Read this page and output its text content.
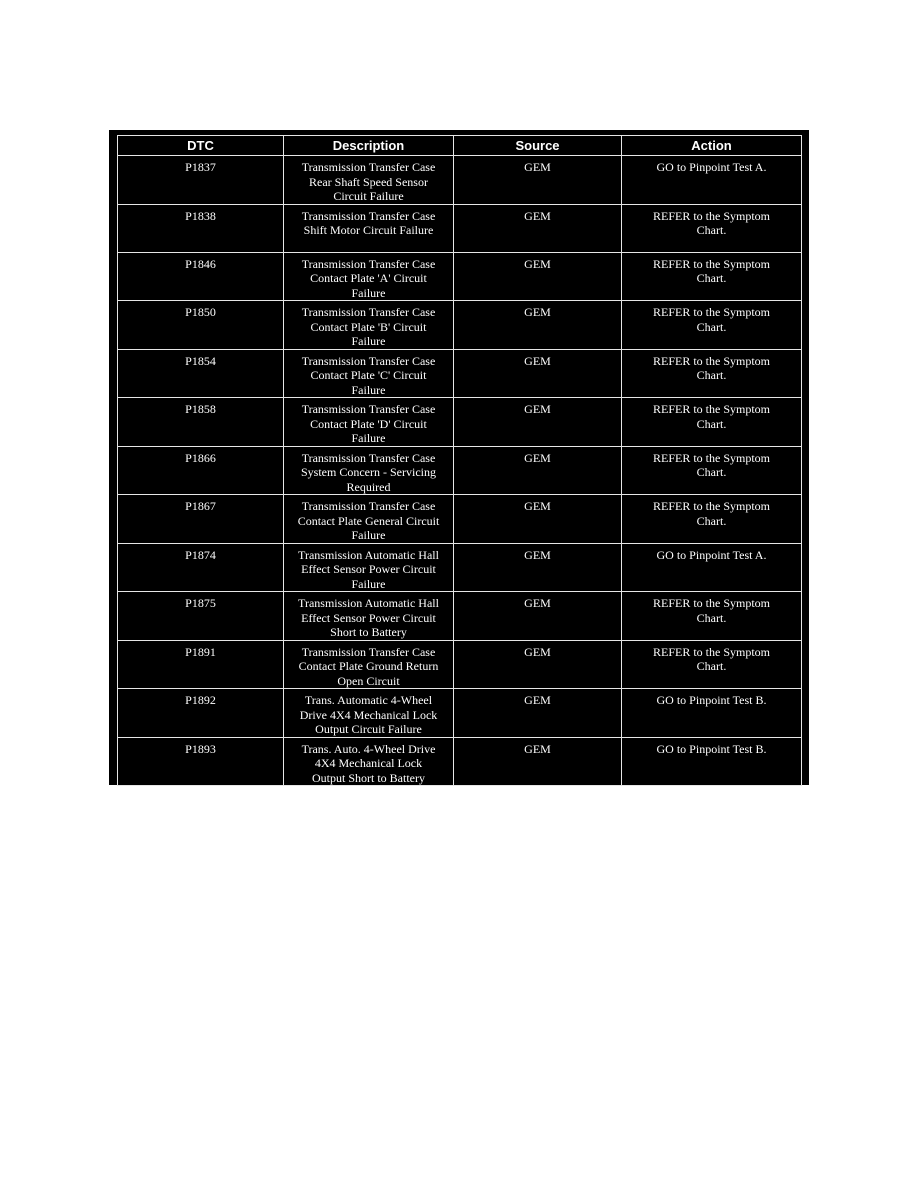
DTC	Description	Source	Action

P1837	Transmission Transfer Case
Rear Shaft Speed Sensor
Circuit Failure	GEM	GO to Pinpoint Test A.

P1838	Transmission Transfer Case
Shift Motor Circuit Failure	GEM	REFER to the Symptom
Chart.

P1846	Transmission Transfer Case
Contact Plate 'A' Circuit
Failure	GEM	REFER to the Symptom
Chart.

P1850	Transmission Transfer Case
Contact Plate 'B' Circuit
Failure	GEM	REFER to the Symptom
Chart.

P1854	Transmission Transfer Case
Contact Plate 'C' Circuit
Failure	GEM	REFER to the Symptom
Chart.

P1858	Transmission Transfer Case
Contact Plate 'D' Circuit
Failure	GEM	REFER to the Symptom
Chart.

P1866	Transmission Transfer Case
System Concern - Servicing
Required	GEM	REFER to the Symptom
Chart.

P1867	Transmission Transfer Case
Contact Plate General Circuit
Failure	GEM	REFER to the Symptom
Chart.

P1874	Transmission Automatic Hall
Effect Sensor Power Circuit
Failure	GEM	GO to Pinpoint Test A.

P1875	Transmission Automatic Hall
Effect Sensor Power Circuit
Short to Battery	GEM	REFER to the Symptom
Chart.

P1891	Transmission Transfer Case
Contact Plate Ground Return
Open Circuit	GEM	REFER to the Symptom
Chart.

P1892	Trans. Automatic 4-Wheel
Drive 4X4 Mechanical Lock
Output Circuit Failure	GEM	GO to Pinpoint Test B.

P1893	Trans. Auto. 4-Wheel Drive
4X4 Mechanical Lock
Output Short to Battery	GEM	GO to Pinpoint Test B.
